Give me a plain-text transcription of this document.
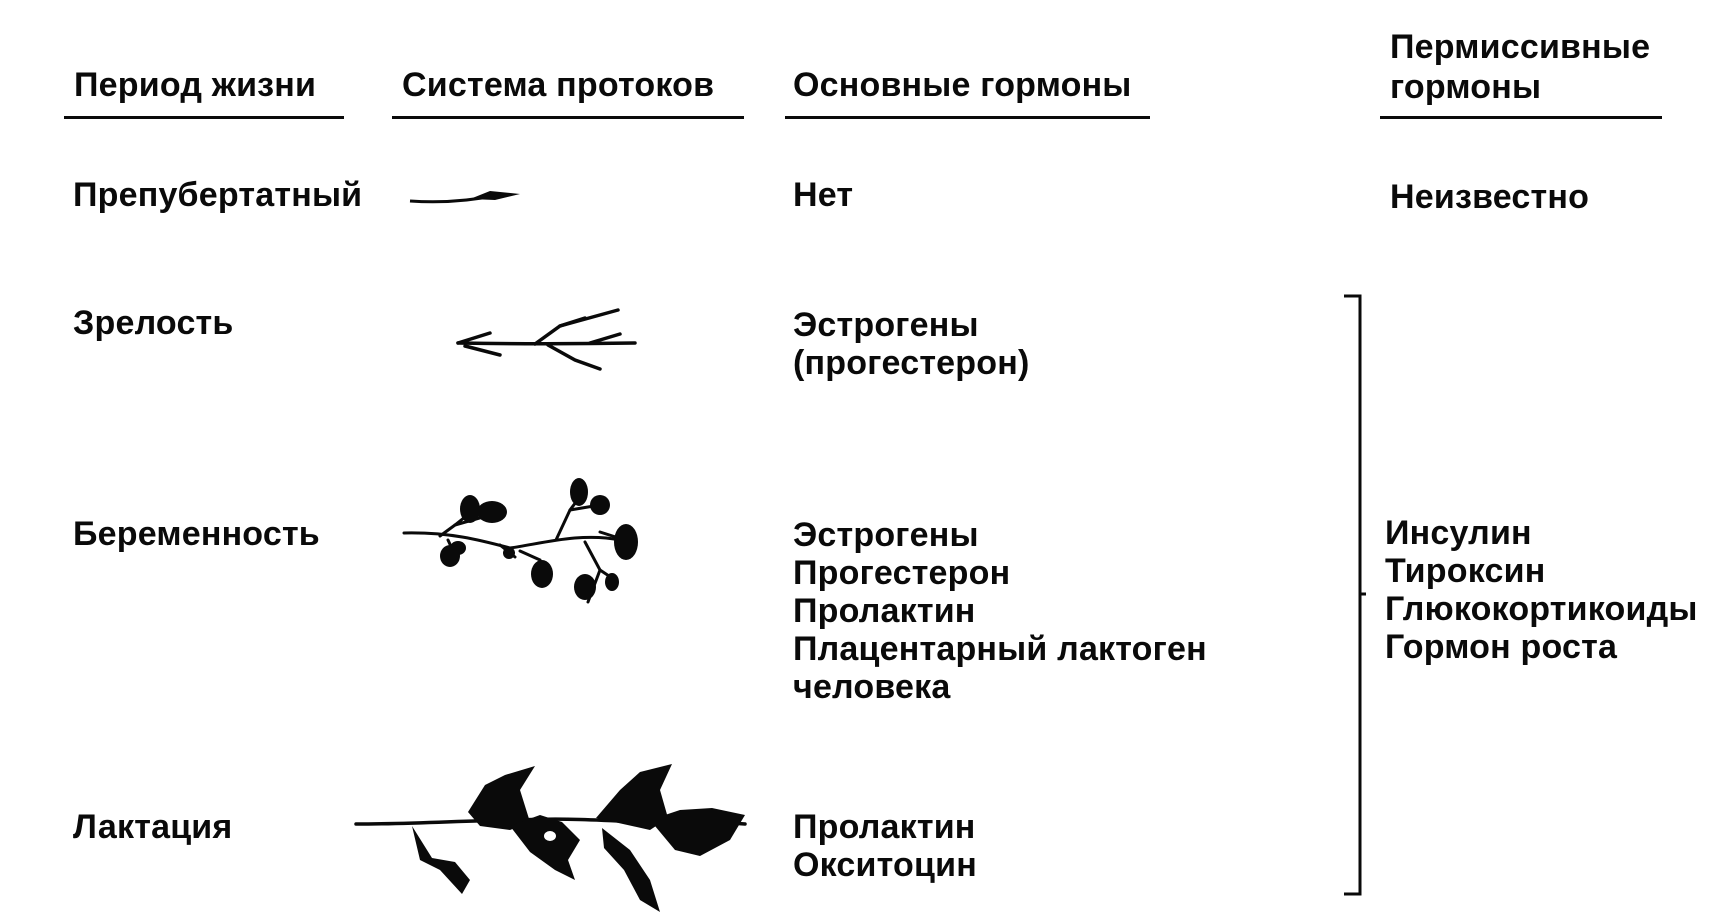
Период жизни	Система протоков Основные гормоны
Пермиссивные
гормоны
Препубертатный
Зрелость
Беременность
Лактация
Нет
Эстрогены
(прогестерон)
Эстрогены
Прогестерон
Пролактин
Плацентарный лактоген
человека
Пролактин
Окситоцин
Неизвестно
Инсулин
Тироксин
Глюкокортикоиды
Гормон роста
